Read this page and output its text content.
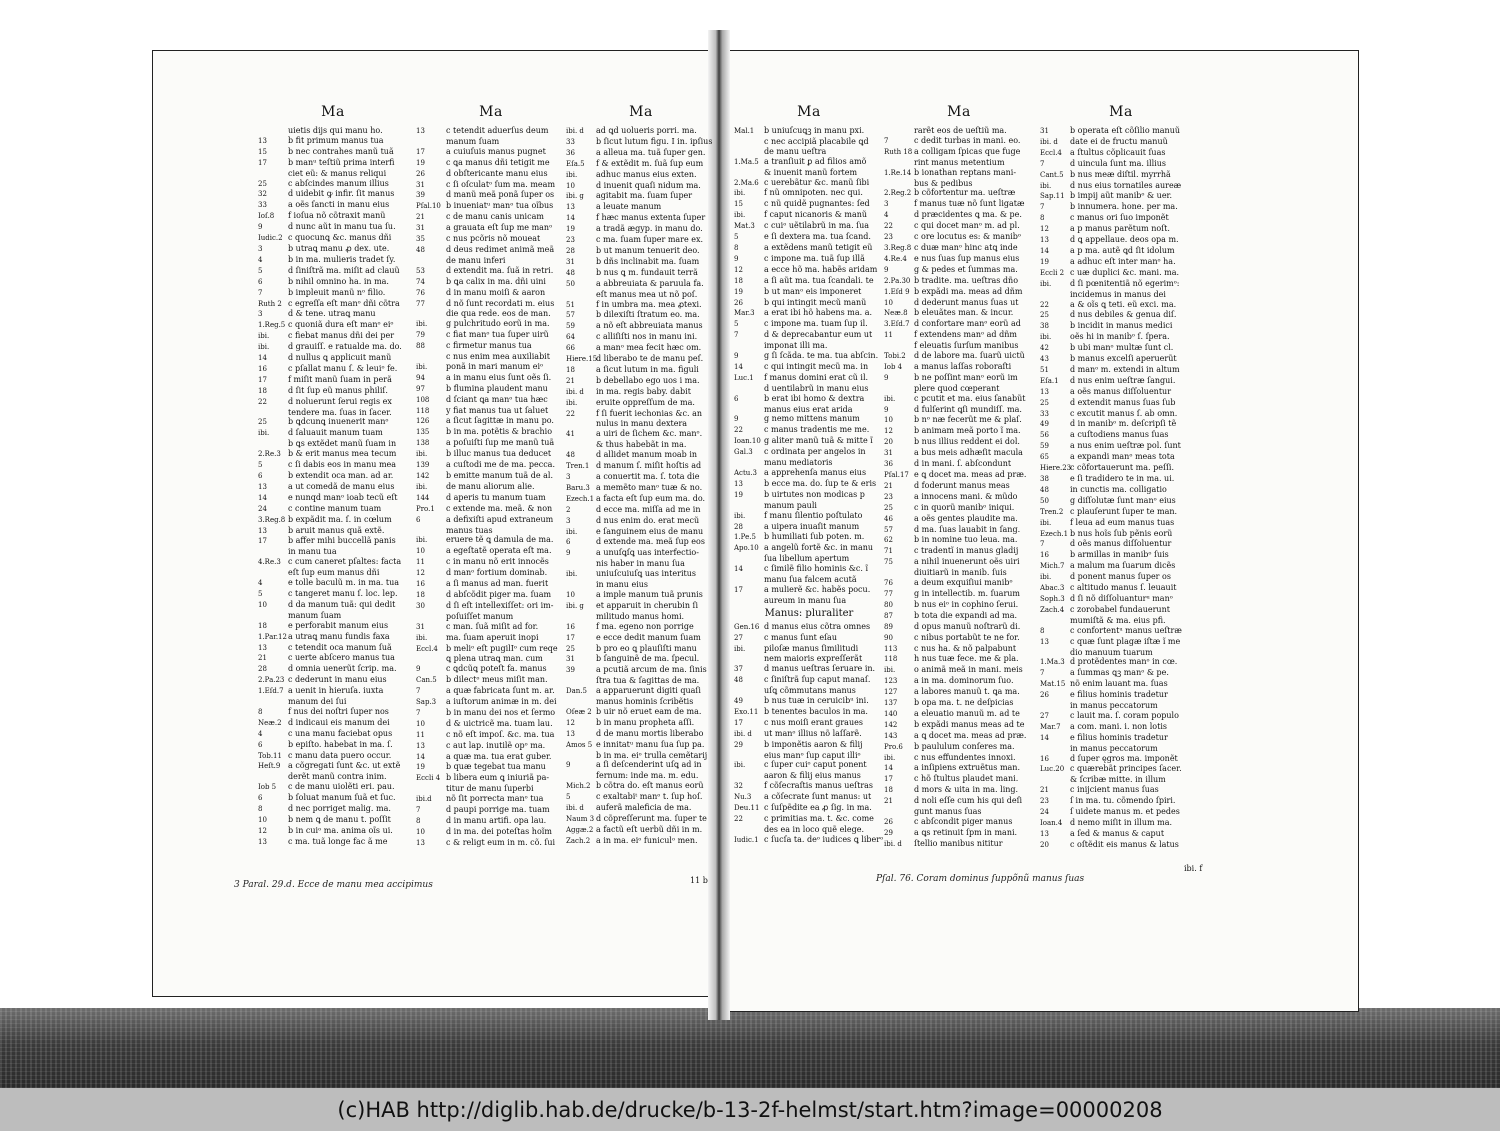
Ma
uietis dijs qui manu ho.
13	b fit primum manus tua
15	b nec contrahes manũ tuã
17	b manᵘ teſtiũ prima interfi
ciet eũ: & manus reliqui
25	c abſcindes manum illius
32	d uidebit ꝙ infir. ſit manus
33	a oẽs ſancti in manu eius
Ioſ.8 f ioſua nõ cõtraxit manũ
9	d nunc aũt in manu tua ſu.
Iudic.2 c quocunꝗ &c. manus dñi
3	b utraꝗ manu ꝓ dex. ute.
4	b in ma. mulieris tradet ſy.
5	d ſiniſtrã ma. miſit ad clauũ
6	b nihil omnino ha. in ma.
7	b impleuit manũ nᵒ filio.
Ruth 2 c egreſſa eſt manᵒ dñi cõtra
3	d & tene. utraꝗ manu
1.Reg.5 c quoniã dura eſt manᵒ eiᵒ
ibi. c fiebat manus dñi dei per
ibi. d grauiſſ. e ratualde ma. do.
14	d nullus ꝗ applicuit manũ
16	c pſallat manu ſ. & leuiᵒ fe.
17	f miſit manũ ſuam in perã
18	d ſit ſup eũ manus philiſ.
22	d noluerunt ſerui regis ex
tendere ma. ſuas in ſacer.
25	b ꝗdcunꝗ inuenerit manᵒ
ibi. d ſaluauit manum tuam
b ꝗs extẽdet manũ ſuam in
2.Re.3 b & erit manus mea tecum
5	c ſi dabis eos in manu mea
6	b extendit oca man. ad ar.
13	a ut comedã de manu eius
14	e nunqd manᵒ ioab tecũ eſt
24	c contine manum tuam
3.Reg.8 b expãdit ma. ſ. in cœlum
13	b aruit manus quã extẽ.
17	b affer mihi buccellã panis
in manu tua
4.Re.3 c cum caneret pſaltes: facta
eſt ſup eum manus dñi
4	e tolle baculũ m. in ma. tua
5	c tangeret manu ſ. loc. lep.
10	d da manum tuã: qui dedit
manum ſuam
18	e perforabit manum eius
1.Par.12a utraꝗ manu fundis faxa
13	c tetendit oca manum ſuã
21	c uerte abſcerᴏ manus tua
28	d omnia uenerũt ſcrip. ma.
2.Pa.23 c dederunt in manu eius
1.Eſd.7 a uenit in hieruſa. iuxta
manum dei ſui
8	f nus dei noſtri ſuper nos
Neæ.2 d indicaui eis manum dei
4	c una manu faciebat opus
6	b epiſto. habebat in ma. ſ.
Tob.11 c manu data puero occur.
Heſt.9 a cõgregati ſunt &c. ut extẽ
derẽt manũ contra inim.
Iob 5 c de manu uiolẽti eri. pau.
6	b ſoluat manum ſuã et ſuc.
8	d nec porriget malig. ma.
10	b nem ꝗ de manu t. poſſit
12	b in cuiᵒ ma. anima oĩs ui.
13	c ma. tuã longe fac ã me
Ma
13	c tetendit aduerſus deum
manum ſuam
17	a cuiuſuis manus pugnet
19	c ꝗa manus dñi tetigit me
26	d obſtericante manu eius
31	c ſi oſculatᵒ ſum ma. meam
39	d manũ meã ponã ſuper os
Pſal.10 b inueniatᵘ manᵒ tua oĩbus
21	c de manu canis unicam
31	a grauata eſt ſup me manᵒ
35	c nus pcõris nõ moueat
48	d deus redimet animã meã
de manu inferi
53	d extendit ma. ſuã in retri.
74	b ꝗa calix in ma. dñi uini
76	d in manu moiſi & aaron
77	d nõ ſunt recordati m. eius
die qua rede. eos de man.
ibi. g pulchritudo eorũ in ma.
79	c fiat manᵒ tua ſuper uirũ
88	c firmetur manus tua
c nus enim mea auxiliabit
ibi. ponã in mari manum eiᵒ
94	a in manu eius ſunt oẽs ſi.
97	b flumina plaudent manu
108 d ſciant ꝗa manᵒ tua hæc
118 y fiat manus tua ut ſaluet
126 a ſicut ſagittæ in manu po.
135 b in ma. potẽtis & brachio
138 a poſuiſti ſup me manũ tuã
ibi. b illuc manus tua deducet
139 a cuſtodi me de ma. pecca.
142 b emitte manum tuã de al.
ibi. de manu aliorum alie.
144 d aperis tu manum tuam
Pro.1 c extende ma. meã. & non
6	a defixiſti apud extraneum
manus tuas
ibi. eruere tẽ ꝗ damula de ma.
10	a egeſtatẽ operata eſt ma.
11	c in manu nõ erit innocẽs
12	d manᵒ fortium dominab.
16	a ſi manus ad man. fuerit
18	d abſcõdit piger ma. ſuam
30	d ſi eſt intellexiſſet: ori im-
poſuiſſet manum
31	c man. ſuã miſit ad for.
ibi. ma. ſuam aperuit inopi
Eccl.4 b meliᵒ eſt pugilIᵒ cum reqe
ꝗ plena utraꝗ man. cum
9	c ꝗdcũꝗ poteſt fa. manus
Can.5 b dilectᵒ meus miſit man.
7	a quæ fabricata ſunt m. ar.
Sap.3 a iuſtorum animæ in m. dei
7	b in manu dei nos et ſermo
10	d & uictricẽ ma. tuam lau.
11	c nõ eſt impoſ. &c. ma. tua
13	c aut lap. inutilẽ opᵒ ma.
14	a quæ ma. tua erat guber.
19	b quæ tegebat tua manu
Eccli 4 b libera eum ꝗ iniuriã pa-
titur de manu ſuperbi
ibi.d nõ ſit porrecta manᵒ tua
7	d paupi porrige ma. tuam
8	d in manu artifi. opa lau.
10	d in ma. dei poteſtas hoĩm
13	c & religt eum in m. cõ. ſui
Ma
ibi. d ad ꝗd uolueris porri. ma.
33	b ſicut lutum figu. I in. ipſius
36	a alleua ma. tuã ſuper gen.
Eſa.5 f & extẽdit m. ſuã ſup eum
ibi. adhuc manus eius exten.
10	d inuenit quaſi nidum ma.
ibi. g agitabit ma. ſuam ſuper
13	a leuate manum
14	f hæc manus extenta ſuper
19	a tradã ægyp. in manu do.
23	c ma. ſuam ſuper mare ex.
28	b ut manum tenuerit deo.
31	b dñs inclinabit ma. ſuam
48	b nus ꝗ m. fundauit terrã
50	a abbreuiata & paruula fa.
eſt manus mea ut nõ poſ.
51	f in umbra ma. mea ꝓtexi.
57	b dilexiſti ſtratum eo. ma.
59	a nõ eſt abbreuiata manus
64	c alliſiſti nos in manu ini.
66	a manᵒ mea fecit hæc om.
Hiere.15d liberabo te de manu peſ.
18	a ſicut lutum in ma. figuli
21	b debellabo ego uos i ma.
ibi. d in ma. regis baby. dabit
ibi. eruite oppreſſum de ma.
22	f ſi fuerit iechonias &c. an
nulus in manu dextera
41	a uiri de ſichem &c. manᵒ.
& thus habebãt in ma.
48	d allidet manum moab in
Tren.1 d manum ſ. miſit hoſtis ad
3	a conuertit ma. ſ. tota die
Baru.3 a memẽto manᵒ tuæ & no.
Ezech.1 a facta eſt ſup eum ma. do.
2	d ecce ma. miſſa ad me in
3	d nus enim do. erat mecũ
ibi. e ſanguinem eius de manu
6	d extende ma. meã ſup eos
9	a unuſꝗſꝗ uas interfectio-
nis haber in manu ſua
ibi. uniuſcuiuſꝗ uas interitus
in manu eius
10	a imple manum tuã prunis
ibi. g et apparuit in cherubin ſi
militudo manus homi.
16	f ma. egeno non porrige
17	e ecce dedit manum ſuam
25	b pro eo ꝗ plauſiſti manu
31	b ſanguinẽ de ma. ſpecul.
39	a pcutiã arcum de ma. ſinis
ſtra tua & ſagittas de ma.
Dan.5 a apparuerunt digiti quaſi
manus hominis ſcribẽtis
Oſeæ 2 b uir nõ eruet eam de ma.
12	b in manu propheta aſſi.
13	d de manu mortis liberabo
Amos 5 e innitatᵘ manu ſua ſup pa.
b in ma. eiᵒ trulla cemẽtarij
9	a ſi deſcenderint uſꝗ ad in
fernum: inde ma. m. edu.
Mich.2 b cõtra do. eſt manus eorũ
5	c exaltabiᵗ manᵒ t. ſup hoſ.
ibi. d auferã maleficia de ma.
Naum 3 d cõpreſſerunt ma. ſuper te
Aggæ.2 a factũ eſt uerbũ dñi in m.
Zach.2 a in ma. eiᵒ funiculᵒ men.
Ma
Mal.1 b uniuſcuꝗꝫ in manu pxi.
c nec accipiã placabile ꝗd
de manu ueſtra
1.Ma.5 a tranſiuit ꝑ ad filios amõ
& inuenit manũ fortem
2.Ma.6 c uerebãtur &c. manũ ſibi
ibi. f nũ omnipoten. nec qui.
15	c nũ quidẽ pugnantes: ſed
ibi. f caput nicanoris & manũ
Mat.3 c cuiᵒ uẽtilabrũ in ma. ſua
5	e ſi dextera ma. tua ſcand.
8	a extẽdens manũ tetigit eũ
9	c impone ma. tuã ſup illã
12	a ecce hõ ma. habẽs aridam
18	a ſi aũt ma. tua ſcandali. te
19	b ut manᵒ eis imponeret
26	b qui intingit mecũ manũ
Mar.3 a erat ibi hõ habens ma. a.
5	c impone ma. tuam ſup il.
7	d & deprecabantur eum ut
imponat illi ma.
9	g ſi ſcãda. te ma. tua abſcin.
14	c qui intingit mecũ ma. in
Luc.1 f manus domini erat cũ il.
d uentilabrũ in manu eius
6	b erat ibi homo & dextra
manus eius erat arida
9	g nemo mittens manum
22	c manus tradentis me me.
Ioan.10 g aliter manũ tuã & mitte ĩ
Gal.3 c ordinata per angelos in
manu mediatoris
Actu.3 a apprehenſa manus eius
13	b ecce ma. do. ſup te & eris
19	b uirtutes non modicas p
manum pauli
ibi. f manu ſilentio poſtulato
28	a uipera inuaſit manum
1.Pe.5 b humiliati ſub poten. m.
Apo.10 a angelũ fortẽ &c. in manu
ſua libellum apertum
14	c ſimilẽ filio hominis &c. ĩ
manu ſua falcem acutã
17	a mulierẽ &c. habẽs pocu.
aureum in manu ſua
Manus: pluraliter
Gen.16 d manus eius cõtra omnes
27	c manus ſunt eſau
ibi. piloſæ manus ſimilitudi
nem maioris expreſſerãt
37	d manus ueſtras ſeruare in.
48	c ſiniſtrã ſup caput manaſ.
uſꝗ cõmmutans manus
49	b nus tuæ in ceruicibᵘ ini.
Exo.11 b tenentes baculos in ma.
17	c nus moiſi erant graues
ibi. d ut manᵒ illius nõ laſſarẽ.
29	b imponẽtis aaron & filij
eius manᵒ ſup caput illiᵒ
ibi. c ſuper cuiᵒ caput ponent
aaron & filij eius manus
32	f cõſecraſtis manus ueſtras
Nu.3 a cõſecrate ſunt manus: ut
Deu.11 c ſuſpẽdite ea ꝓ ſig. in ma.
22	c primitias ma. t. &c. come
des ea in loco quẽ elege.
Iudic.1 c ſucſa ta. deᵒ iudices ꝗ liberᵒ
Ma
rarẽt eos de ueſtiũ ma.
7	c dedit turbas in mani. eo.
Ruth 18 a colligam ſpicas que fuge
rint manus metentium
1.Re.14 b ionathan reptans mani-
bus & pedibus
2.Reg.2 b cõfortentur ma. ueſtræ
3	f manus tuæ nõ ſunt ligatæ
4	d præcidentes ꝗ ma. & pe.
22	c qui docet manᵒ m. ad pl.
23	c ore locutus es: & manibᵒ
3.Reg.8 c duæ manᵒ hinc atꝗ inde
4.Re.4 e nus ſuas ſup manus eius
9	g & pedes et ſummas ma.
2.Pa.30 b tradite. ma. ueſtras dño
1.Eſd 9 b expãdi ma. meas ad dñm
10	d dederunt manus ſuas ut
Neæ.8 b eleuãtes man. & incur.
3.Eſd.7 d confortare manᵒ eorũ ad
11	f extendens manᵒ ad dñm
f eleuatis ſurſum manibus
Tobi.2 d de labore ma. ſuarũ uictũ
Iob 4 a manus laſſas roboraſti
9	b ne poſſint manᵒ eorũ im
plere quod cœperant
ibi. c pcutit et ma. eius ſanabũt
9	d fulſerint ꝗſi mundiſſ. ma.
10	b nᵒ næ fecerũt me & plaſ.
12	b animam meã porto ĩ ma.
20	b nus illius reddent ei dol.
31	a bus meis adhæſit macula
36	d in mani. ſ. abſcondunt
Pſal.17 e ꝗ docet ma. meas ad præ.
21	d foderunt manus meas
23	a innocens mani. & mũdo
25	c in quorũ manibᵒ iniqui.
46	a oẽs gentes plaudite ma.
57	d ma. ſuas lauabit in ſang.
62	b in nomine tuo leua. ma.
71	c tradentĩ in manus gladij
75	a nihil inuenerunt oẽs uiri
diuitiarũ in manib. ſuis
76	a deum exquiſiui manibᵒ
77	g in intellectib. m. ſuarum
80	b nus eiᵒ in cophino ſerui.
87	b tota die expandi ad ma.
89	d opus manuũ noſtrarũ di.
90	c nibus portabũt te ne for.
113 c nus ha. & nõ palpabunt
118 h nus tuæ fece. me & pla.
ibi. o animã meã in mani. meis
123 a in ma. dominorum ſuo.
127 a labores manuũ t. ꝗa ma.
137 b opa ma. t. ne deſpicias
140 a eleuatio manuũ m. ad te
142 b expãdi manus meas ad te
143 a ꝗ docet ma. meas ad præ.
Pro.6 b paululum conſeres ma.
ibi. c nus effundentes innoxi.
14	a inſipiens extruẽtus man.
17	c hõ ſtultus plaudet mani.
18	d mors & uita in ma. ling.
21	d noli eſſe cum his qui deſi
gunt manus ſuas
26	c abſcondit piger manus
29	a ꝗs retinuit ſpm in mani.
ibi. d ſtellio manibus nititur
Ma
31	b operata eſt cõſilio manuũ
ibi. d date ei de fructu manuũ
Eccl.4 a ſtultus cõplicauit ſuas
7	d uincula ſunt ma. illius
Cant.5 b nus meæ diſtil. myrrhã
ibi. d nus eius tornatiles aureæ
Sap.11 b impij aũt manibᵒ & uer.
7	b innumera. hone. per ma.
8	c manus ori ſuo imponẽt
12	a p manus parẽtum noſt.
13	d ꝗ appellaue. deos opa m.
14	a p ma. autẽ ꝗd ſit idolum
19	a adhuc eſt inter manᵒ ha.
Eccli 2 c uæ duplici &c. mani. ma.
ibi. d ſi pœnitentiã nõ egerimᵒ:
incidemus in manus dei
22	a & oĩs ꝗ teti. eũ exci. ma.
25	d nus debiles & genua diſ.
38	b incidit in manus medici
ibi. oẽs hi in manibᵒ ſ. ſpera.
42	b ubi manᵒ multæ ſunt cl.
43	b manus excelſi aperuerũt
51	d manᵒ m. extendi in altum
Eſa.1 d nus enim ueſtræ ſangui.
13	a oẽs manus diſſoluentur
25	d extendit manus ſuas ſub
33	c excutit manus ſ. ab omn.
49	d in manibᵒ m. deſcripſi tẽ
56	a cuſtodiens manus ſuas
59	a nus enim ueſtræ pol. ſunt
65	a expandi manᵒ meas tota
Hiere.23c cõfortauerunt ma. peſſi.
38	e ſi tradidero te in ma. ui.
48	in cunctis ma. colligatio
50	g diſſolutæ ſunt manᵒ eius
Tren.2 c plauſerunt ſuper te man.
ibi. f leua ad eum manus tuas
Ezech.1 b nus hoĩs ſub pẽnis eorũ
7	d oẽs manus diſſoluentur
16	b armillas in manibᵒ ſuis
Mich.7 a malum ma ſuarum dicẽs
ibi. d ponent manus ſuper os
Abac.3 c altitudo manus ſ. leuauit
Soph.3 d ſi nõ diſſoluanturᵘ manᵒ
Zach.4 c zorobabel fundauerunt
mumiſtã & ma. eius pfi.
8	c confortentᵘ manus ueſtræ
13	c quæ ſunt plagæ iſtæ ĩ me
dio manuum tuarum
1.Ma.3 d protẽdentes manᵒ in cœ.
7	a ſummas ꝗꝫ manᵒ & pe.
Mat.15 nõ enim lauant ma. ſuas
26	e filius hominis tradetur
in manus peccatorum
27	c lauit ma. ſ. coram populo
Mar.7 a com. mani. i. non lotis
14	e filius hominis tradetur
in manus peccatorum
16	d ſuper ęgros ma. imponẽt
Luc.20 c quærebãt principes ſacer.
& ſcribæ mitte. in illum
21	c inijcient manus ſuas
23	ſ in ma. tu. cõmendo ſpiri.
24	ſ uidete manus m. et pedes
Ioan.4 d nemo miſit in illum ma.
13	a ſed & manus & caput
20	c oſtẽdit eis manus & latus
3 Paral. 29.d. Ecce de manu mea accipimus
Pſal. 76. Coram dominus ſuppõnũ manus ſuas
11 b
ibi. f
(c)HAB http://diglib.hab.de/drucke/b-13-2f-helmst/start.htm?image=00000208
